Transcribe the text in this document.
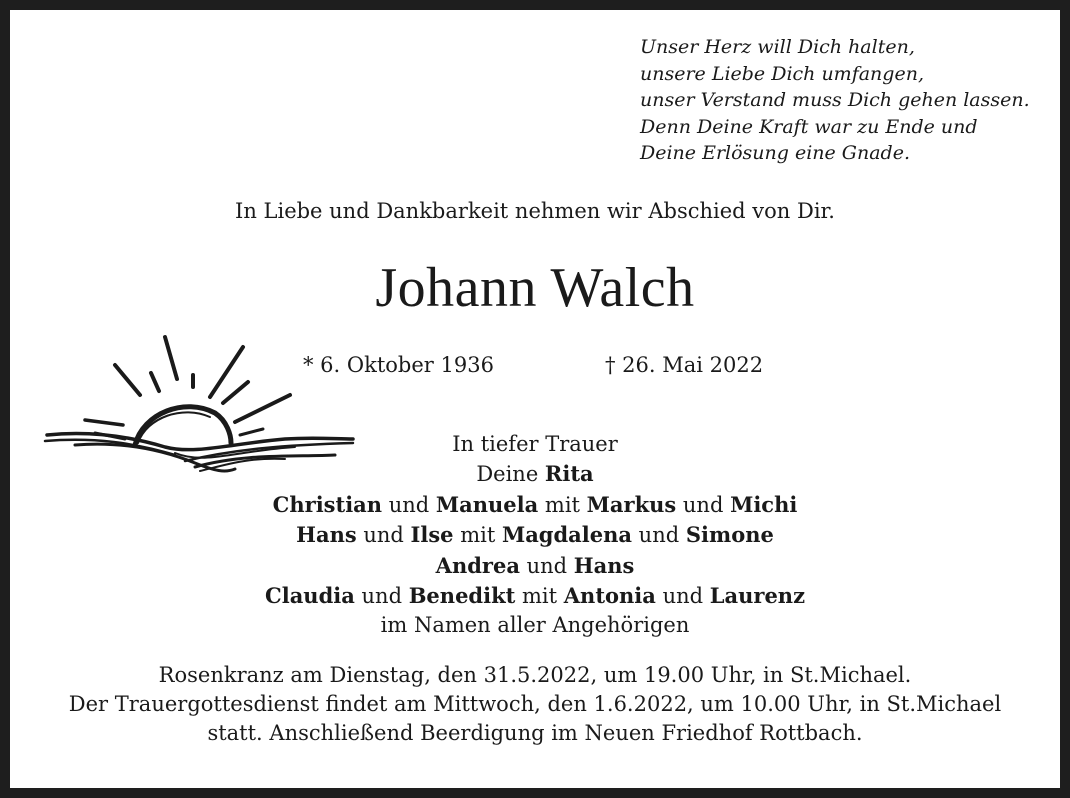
Unser Herz will Dich halten,
unsere Liebe Dich umfangen,
unser Verstand muss Dich gehen lassen.
Denn Deine Kraft war zu Ende und
Deine Erlösung eine Gnade.
In Liebe und Dankbarkeit nehmen wir Abschied von Dir.
Johann Walch
* 6. Oktober 1936	† 26. Mai 2022
In tiefer Trauer
Deine Rita
Christian und Manuela mit Markus und Michi
Hans und Ilse mit Magdalena und Simone
Andrea und Hans
Claudia und Benedikt mit Antonia und Laurenz
im Namen aller Angehörigen
Rosenkranz am Dienstag, den 31.5.2022, um 19.00 Uhr, in St.Michael.
Der Trauergottesdienst findet am Mittwoch, den 1.6.2022, um 10.00 Uhr, in St.Michael
statt. Anschließend Beerdigung im Neuen Friedhof Rottbach.
